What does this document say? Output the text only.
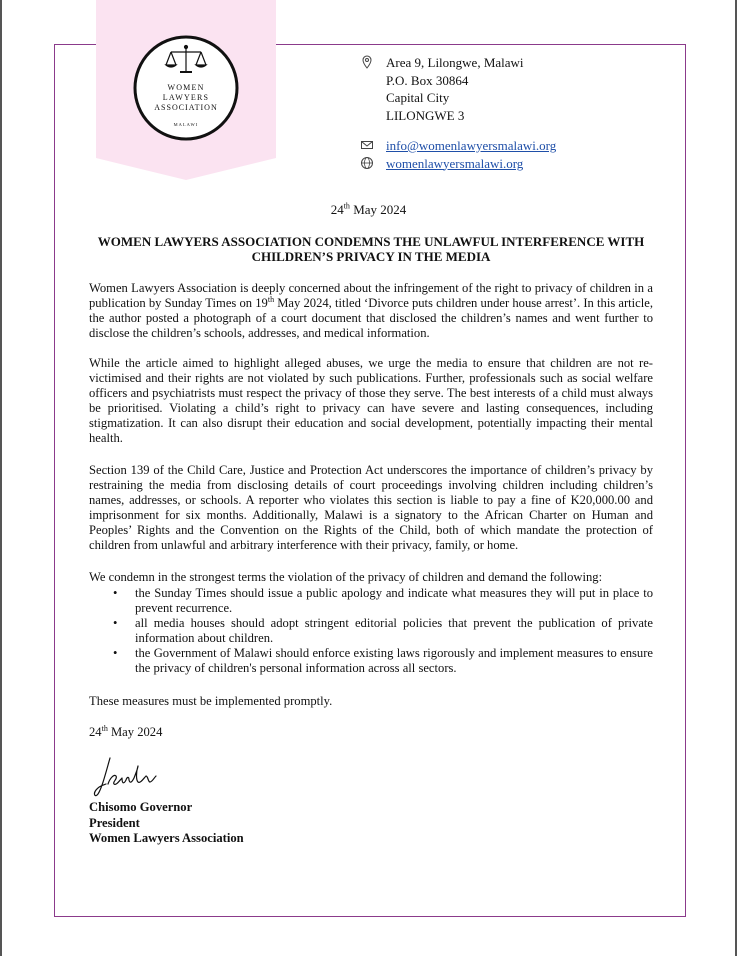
WOMEN
LAWYERS
ASSOCIATION
MALAWI
Area 9, Lilongwe, Malawi
P.O. Box 30864
Capital City
LILONGWE 3
info@womenlawyersmalawi.org
womenlawyersmalawi.org
24th May 2024
WOMEN LAWYERS ASSOCIATION CONDEMNS THE UNLAWFUL INTERFERENCE WITH CHILDREN’S PRIVACY IN THE MEDIA
Women Lawyers Association is deeply concerned about the infringement of the right to privacy of children in a publication by Sunday Times on 19th May 2024, titled ‘Divorce puts children under house arrest’. In this article, the author posted a photograph of a court document that disclosed the children’s names and went further to disclose the children’s schools, addresses, and medical information.
While the article aimed to highlight alleged abuses, we urge the media to ensure that children are not re-victimised and their rights are not violated by such publications. Further, professionals such as social welfare officers and psychiatrists must respect the privacy of those they serve. The best interests of a child must always be prioritised. Violating a child’s right to privacy can have severe and lasting consequences, including stigmatization. It can also disrupt their education and social development, potentially impacting their mental health.
Section 139 of the Child Care, Justice and Protection Act underscores the importance of children’s privacy by restraining the media from disclosing details of court proceedings involving children including children’s names, addresses, or schools. A reporter who violates this section is liable to pay a fine of K20,000.00 and imprisonment for six months. Additionally, Malawi is a signatory to the African Charter on Human and Peoples’ Rights and the Convention on the Rights of the Child, both of which mandate the protection of children from unlawful and arbitrary interference with their privacy, family, or home.
We condemn in the strongest terms the violation of the privacy of children and demand the following:
• the Sunday Times should issue a public apology and indicate what measures they will put in place to prevent recurrence.
• all media houses should adopt stringent editorial policies that prevent the publication of private information about children.
• the Government of Malawi should enforce existing laws rigorously and implement measures to ensure the privacy of children's personal information across all sectors.
These measures must be implemented promptly.
24th May 2024
Chisomo Governor
President
Women Lawyers Association
